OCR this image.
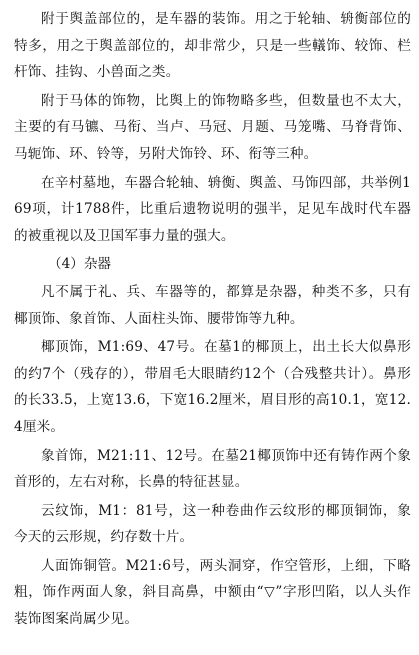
附于舆盖部位的，是车器的装饰。用之于轮轴、辀衡部位的特多，用之于舆盖部位的，却非常少，只是一些轙饰、较饰、栏杆饰、挂钩、小兽面之类。

附于马体的饰物，比舆上的饰物略多些，但数量也不太大，主要的有马镳、马衔、当卢、马冠、月题、马笼嘴、马脊背饰、马轭饰、环、铃等，另附犬饰铃、环、衔等三种。

在辛村墓地，车器合轮轴、辀衡、舆盖、马饰四部，共举例169项，计1788件，比重后遗物说明的强半，足见车战时代车器的被重视以及卫国军事力量的强大。

（4）杂器

凡不属于礼、兵、车器等的，都算是杂器，种类不多，只有椰顶饰、象首饰、人面柱头饰、腰带饰等九种。

椰顶饰，M1:69、47号。在墓1的椰顶上，出土长大似鼻形的约7个（残存的），带眉毛大眼睛约12个（合残整共计）。鼻形的长33.5，上宽13.6，下宽16.2厘米，眉目形的高10.1，宽12.4厘米。

象首饰，M21:11、12号。在墓21椰顶饰中还有铸作两个象首形的，左右对称，长鼻的特征甚显。

云纹饰，M1：81号，这一种卷曲作云纹形的椰顶铜饰，象今天的云形规，约存数十片。

人面饰铜管。M21:6号，两头洞穿，作空管形，上细，下略粗，饰作两面人象，斜目高鼻，中额由“▽”字形凹陷，以人头作装饰图案尚属少见。
